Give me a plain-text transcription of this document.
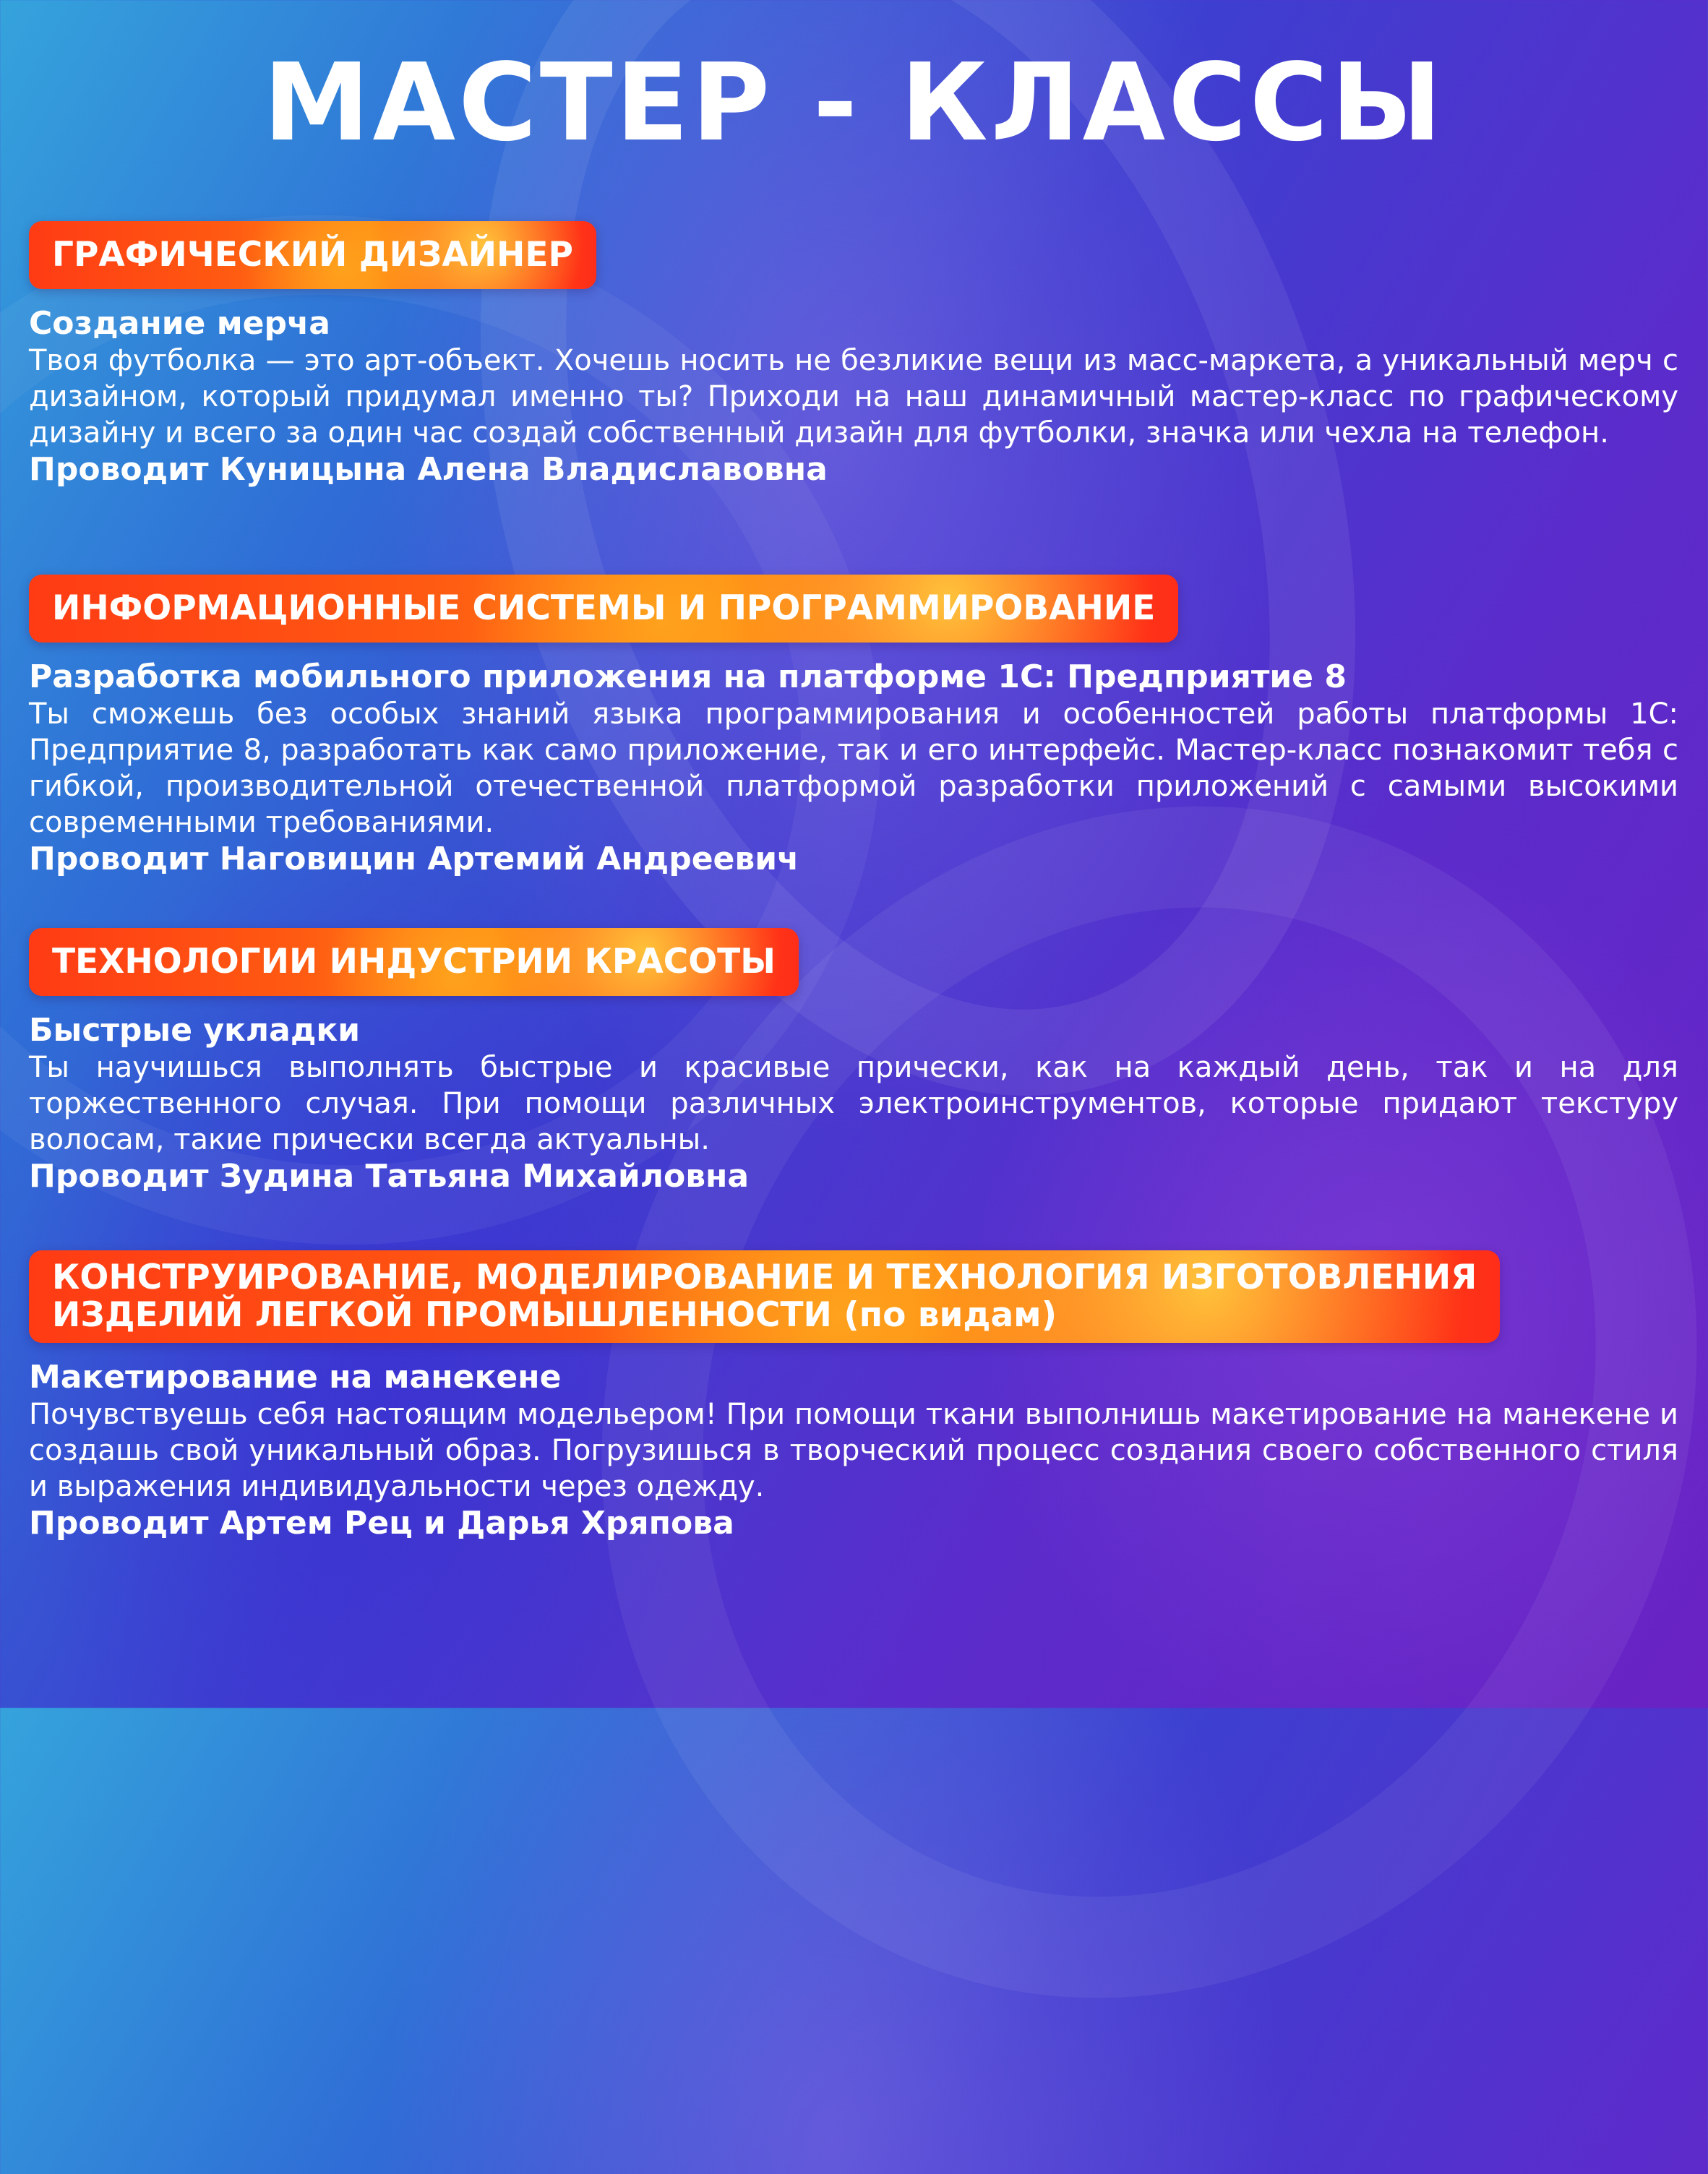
МАСТЕР - КЛАССЫ
ГРАФИЧЕСКИЙ ДИЗАЙНЕР
Создание мерча
Твоя футболка — это арт-объект. Хочешь носить не безликие вещи из масс-маркета, а уникальный мерч с дизайном, который придумал именно ты? Приходи на наш динамичный мастер-класс по графическому дизайну и всего за один час создай собственный дизайн для футболки, значка или чехла на телефон.
Проводит Куницына Алена Владиславовна
ИНФОРМАЦИОННЫЕ СИСТЕМЫ И ПРОГРАММИРОВАНИЕ
Разработка мобильного приложения на платформе 1С: Предприятие 8
Ты сможешь без особых знаний языка программирования и особенностей работы платформы 1С: Предприятие 8, разработать как само приложение, так и его интерфейс. Мастер-класс познакомит тебя с гибкой, производительной отечественной платформой разработки приложений с самыми высокими современными требованиями.
Проводит Наговицин Артемий Андреевич
ТЕХНОЛОГИИ ИНДУСТРИИ КРАСОТЫ
Быстрые укладки
Ты научишься выполнять быстрые и красивые прически, как на каждый день, так и на для торжественного случая. При помощи различных электроинструментов, которые придают текстуру волосам, такие прически всегда актуальны.
Проводит Зудина Татьяна Михайловна
КОНСТРУИРОВАНИЕ, МОДЕЛИРОВАНИЕ И ТЕХНОЛОГИЯ ИЗГОТОВЛЕНИЯ
ИЗДЕЛИЙ ЛЕГКОЙ ПРОМЫШЛЕННОСТИ (по видам)
Макетирование на манекене
Почувствуешь себя настоящим модельером! При помощи ткани выполнишь макетирование на манекене и создашь свой уникальный образ. Погрузишься в творческий процесс создания своего собственного стиля и выражения индивидуальности через одежду.
Проводит Артем Рец и Дарья Хряпова
